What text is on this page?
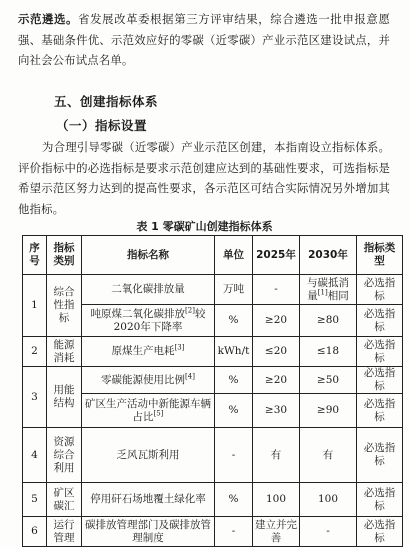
示范遴选。省发展改革委根据第三方评审结果，综合遴选一批申报意愿强、基础条件优、示范效应好的零碳（近零碳）产业示范区建设试点，并向社会公布试点名单。
五、创建指标体系
（一）指标设置
为合理引导零碳（近零碳）产业示范区创建，本指南设立指标体系。评价指标中的必选指标是要求示范创建应达到的基础性要求，可选指标是希望示范区努力达到的提高性要求，各示范区可结合实际情况另外增加其他指标。
表 1 零碳矿山创建指标体系
序号	指标类别	指标名称	单位	2025年	2030年	指标类型
1	综合性指标	二氧化碳排放量	万吨	-	与碳抵消量[1]相同	必选指标
		吨原煤二氧化碳排放[2]较2020年下降率	%	≥20	≥80	必选指标
2	能源消耗	原煤生产电耗[3]	kWh/t	≤20	≤18	必选指标
3	用能结构	零碳能源使用比例[4]	%	≥20	≥50	必选指标
		矿区生产活动中新能源车辆占比[5]	%	≥30	≥90	必选指标
4	资源综合利用	乏风瓦斯利用	-	有	有	必选指标
5	矿区碳汇	停用矸石场地覆土绿化率	%	100	100	必选指标
6	运行管理	碳排放管理部门及碳排放管理制度	-	建立并完善	-	必选指标
